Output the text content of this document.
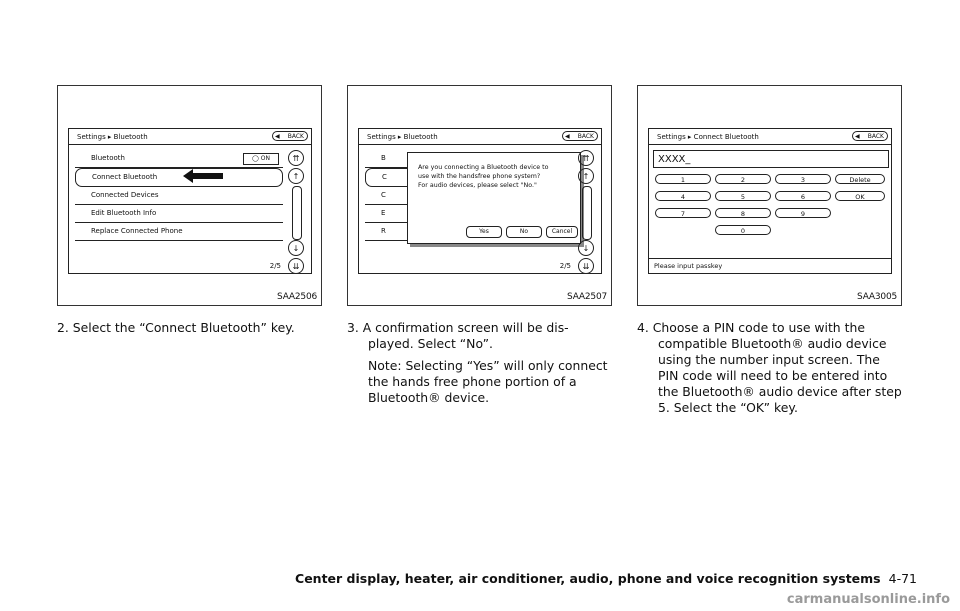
Settings ▸ Bluetooth	◀ BACK
Bluetooth	◯ ON
Connect Bluetooth
Connected Devices
Edit Bluetooth Info
Replace Connected Phone
2/5
⇈
↑
↓
⇊
SAA2506
Settings ▸ Bluetooth	◀ BACK
B
C
C
E
R
Are you connecting a Bluetooth device to
use with the handsfree phone system?
For audio devices, please select "No."
Yes	No	Cancel
2/5
⇈
↑
↓
⇊
SAA2507
Settings ▸ Connect Bluetooth	◀ BACK
XXXX_
1	2	3	Delete
4	5	6	OK
7	8	9
0
Please input passkey
SAA3005

2. Select the “Connect Bluetooth” key.	3. A confirmation screen will be dis-

played. Select “No”.

Note: Selecting “Yes” will only connect

the hands free phone portion of a

Bluetooth® device.

4. Choose a PIN code to use with the

compatible Bluetooth® audio device

using the number input screen. The

PIN code will need to be entered into

the Bluetooth® audio device after step

5. Select the “OK” key.

Center display, heater, air conditioner, audio, phone and voice recognition systems 4-71
carmanualsonline.info
